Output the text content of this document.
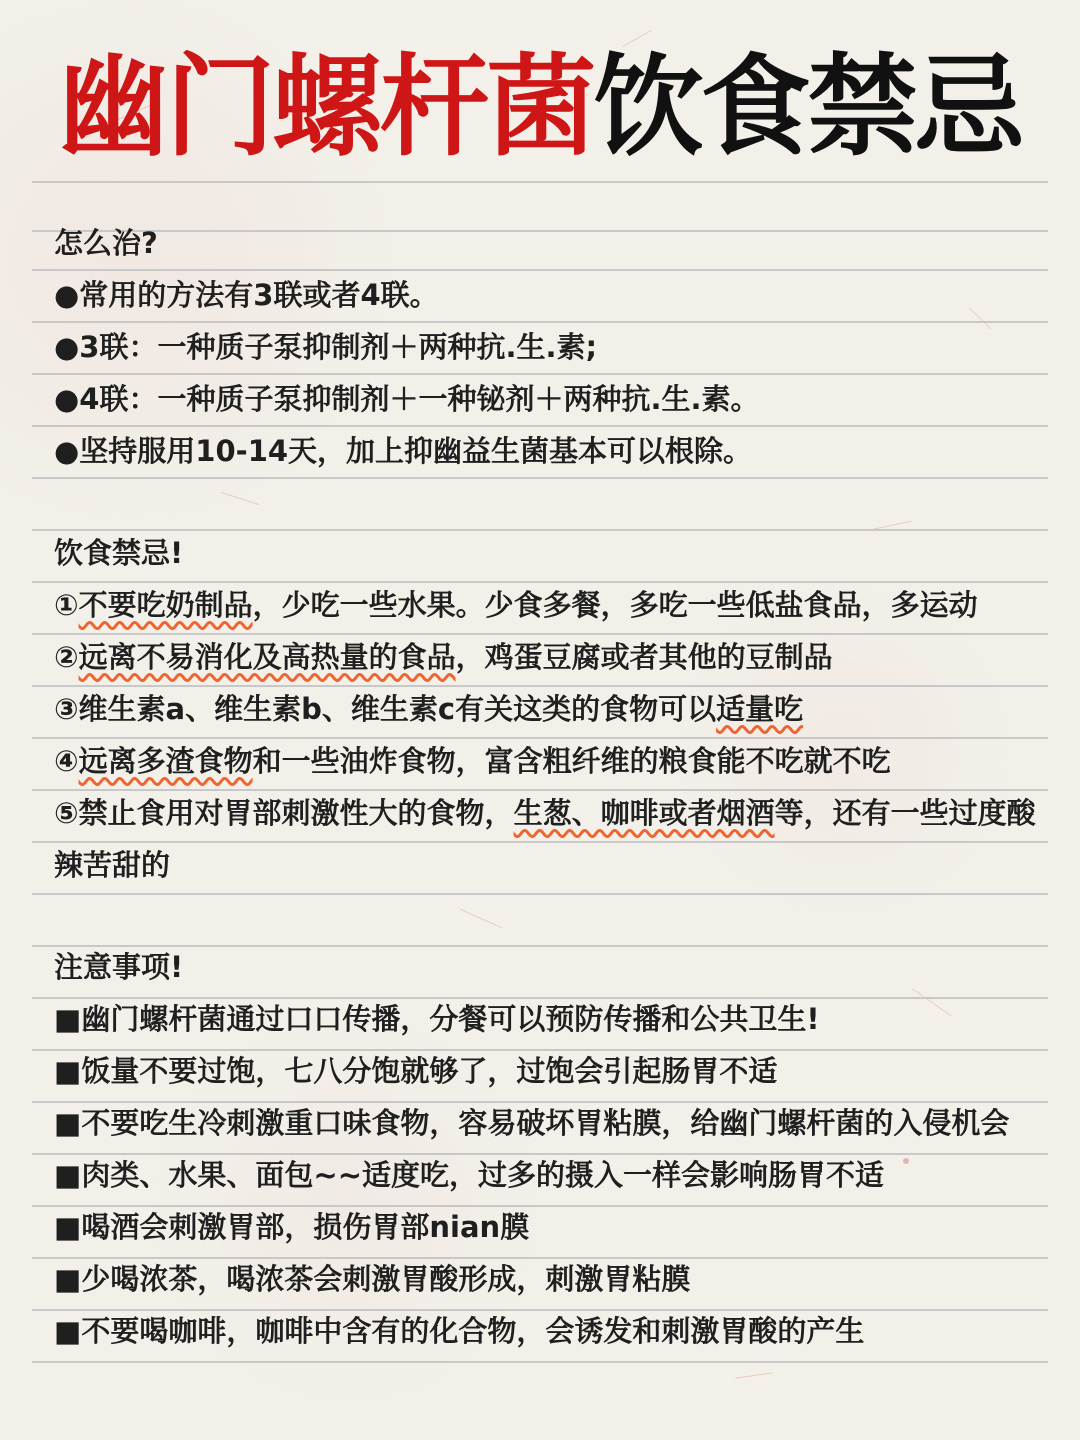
幽门螺杆菌饮食禁忌
怎么治?
●常用的方法有3联或者4联。
●3联：一种质子泵抑制剂＋两种抗.生.素;
●4联：一种质子泵抑制剂＋一种铋剂＋两种抗.生.素。
●坚持服用10-14天，加上抑幽益生菌基本可以根除。
饮食禁忌!
①不要吃奶制品，少吃一些水果。少食多餐，多吃一些低盐食品，多运动
②远离不易消化及高热量的食品，鸡蛋豆腐或者其他的豆制品
③维生素a、维生素b、维生素c有关这类的食物可以适量吃
④远离多渣食物和一些油炸食物，富含粗纤维的粮食能不吃就不吃
⑤禁止食用对胃部刺激性大的食物，生葱、咖啡或者烟酒等，还有一些过度酸
辣苦甜的
注意事项!
■幽门螺杆菌通过口口传播，分餐可以预防传播和公共卫生!
■饭量不要过饱，七八分饱就够了，过饱会引起肠胃不适
■不要吃生冷刺激重口味食物，容易破坏胃粘膜，给幽门螺杆菌的入侵机会
■肉类、水果、面包~~适度吃，过多的摄入一样会影响肠胃不适
■喝酒会刺激胃部，损伤胃部nian膜
■少喝浓茶，喝浓茶会刺激胃酸形成，刺激胃粘膜
■不要喝咖啡，咖啡中含有的化合物，会诱发和刺激胃酸的产生
